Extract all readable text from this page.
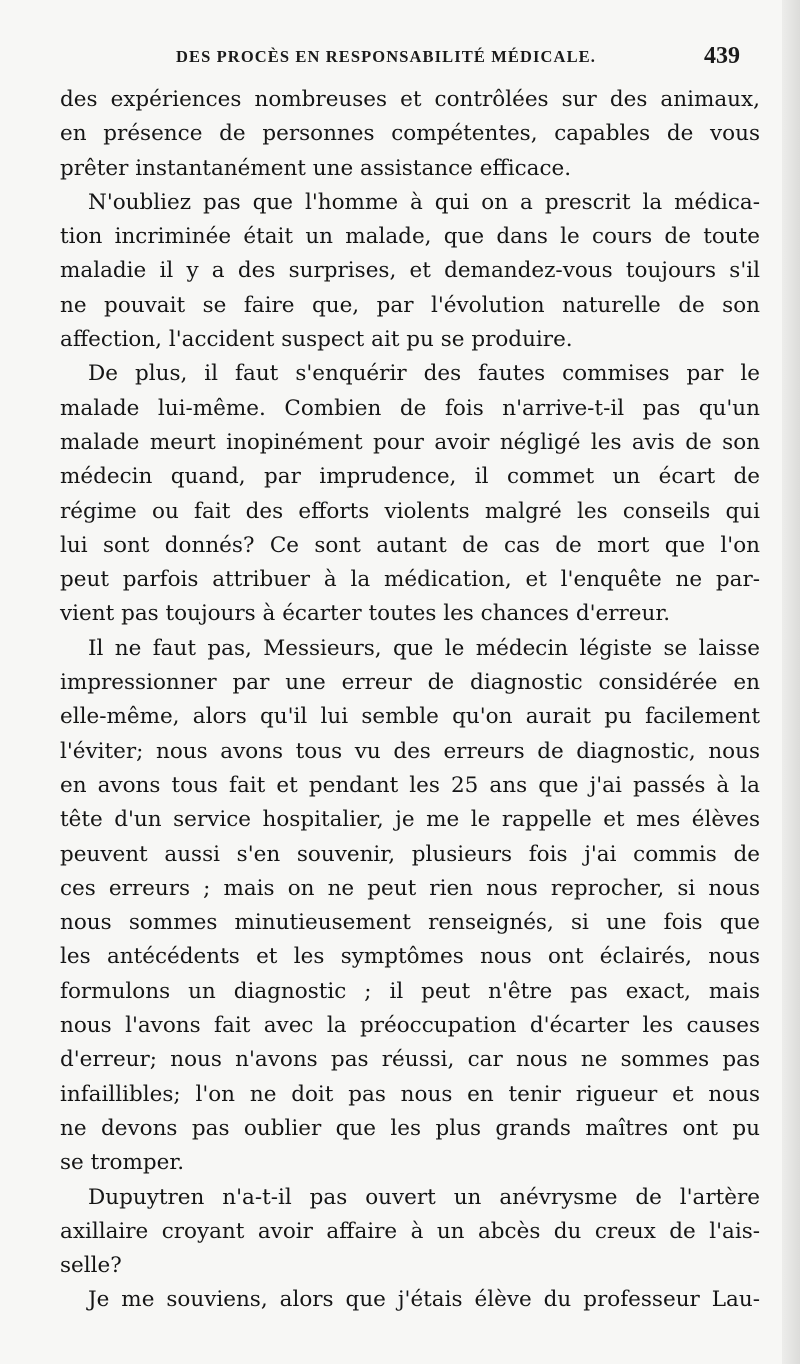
DES PROCÈS EN RESPONSABILITÉ MÉDICALE.	439
des expériences nombreuses et contrôlées sur des animaux,
en présence de personnes compétentes, capables de vous
prêter instantanément une assistance efficace.
N'oubliez pas que l'homme à qui on a prescrit la médica-
tion incriminée était un malade, que dans le cours de toute
maladie il y a des surprises, et demandez-vous toujours s'il
ne pouvait se faire que, par l'évolution naturelle de son
affection, l'accident suspect ait pu se produire.
De plus, il faut s'enquérir des fautes commises par le
malade lui-même. Combien de fois n'arrive-t-il pas qu'un
malade meurt inopinément pour avoir négligé les avis de son
médecin quand, par imprudence, il commet un écart de
régime ou fait des efforts violents malgré les conseils qui
lui sont donnés? Ce sont autant de cas de mort que l'on
peut parfois attribuer à la médication, et l'enquête ne par-
vient pas toujours à écarter toutes les chances d'erreur.
Il ne faut pas, Messieurs, que le médecin légiste se laisse
impressionner par une erreur de diagnostic considérée en
elle-même, alors qu'il lui semble qu'on aurait pu facilement
l'éviter; nous avons tous vu des erreurs de diagnostic, nous
en avons tous fait et pendant les 25 ans que j'ai passés à la
tête d'un service hospitalier, je me le rappelle et mes élèves
peuvent aussi s'en souvenir, plusieurs fois j'ai commis de
ces erreurs ; mais on ne peut rien nous reprocher, si nous
nous sommes minutieusement renseignés, si une fois que
les antécédents et les symptômes nous ont éclairés, nous
formulons un diagnostic ; il peut n'être pas exact, mais
nous l'avons fait avec la préoccupation d'écarter les causes
d'erreur; nous n'avons pas réussi, car nous ne sommes pas
infaillibles; l'on ne doit pas nous en tenir rigueur et nous
ne devons pas oublier que les plus grands maîtres ont pu
se tromper.
Dupuytren n'a-t-il pas ouvert un anévrysme de l'artère
axillaire croyant avoir affaire à un abcès du creux de l'ais-
selle?
Je me souviens, alors que j'étais élève du professeur Lau-
